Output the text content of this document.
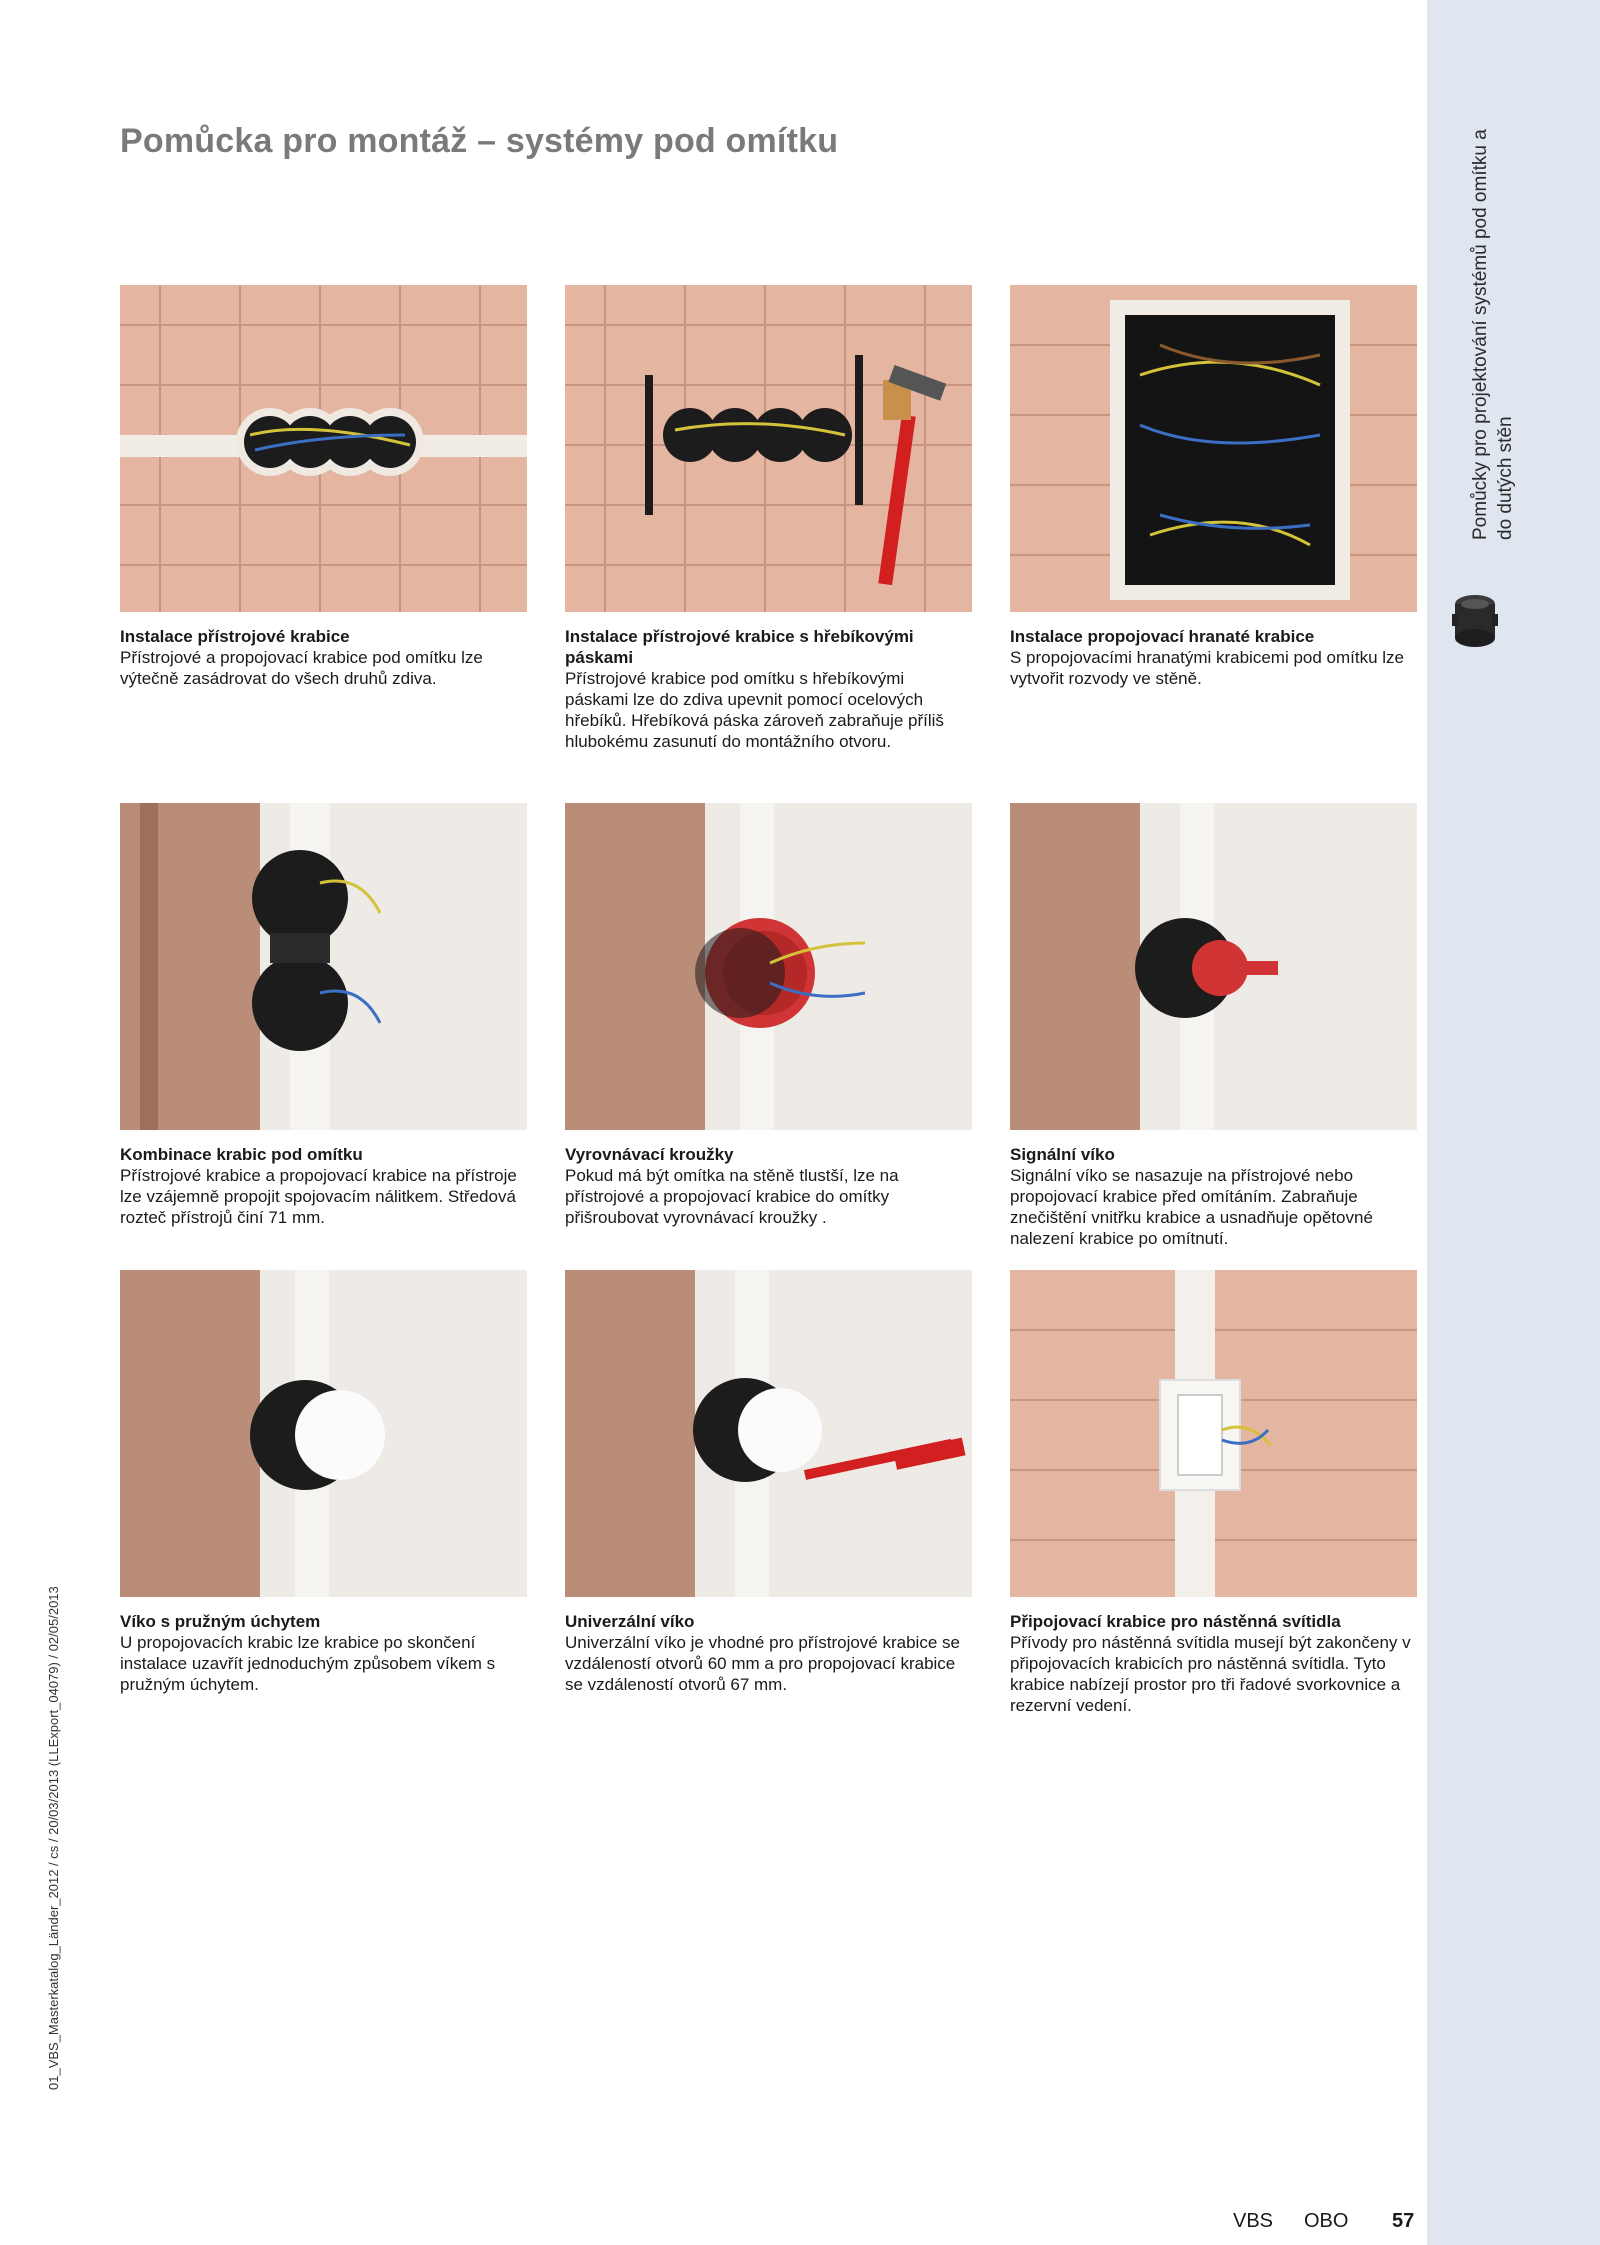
Pomůcky pro projektování systémů pod omítku a do dutých stěn
01_VBS_Masterkatalog_Länder_2012 / cs / 20/03/2013 (LLExport_04079) / 02/05/2013
Pomůcka pro montáž – systémy pod omítku
Instalace přístrojové krabice
Přístrojové a propojovací krabice pod omítku lze výtečně zasádrovat do všech druhů zdiva.
Instalace přístrojové krabice s hřebíkovými páskami
Přístrojové krabice pod omítku s hřebíkovými páskami lze do zdiva upevnit pomocí ocelových hřebíků. Hřebíková páska zároveň zabraňuje příliš hlubokému zasunutí do montážního otvoru.
Instalace propojovací hranaté krabice
S propojovacími hranatými krabicemi pod omítku lze vytvořit rozvody ve stěně.
Kombinace krabic pod omítku
Přístrojové krabice a propojovací krabice na přístroje lze vzájemně propojit spojovacím nálitkem. Středová rozteč přístrojů činí 71 mm.
Vyrovnávací kroužky
Pokud má být omítka na stěně tlustší, lze na přístrojové a propojovací krabice do omítky přišroubovat vyrovnávací kroužky .
Signální víko
Signální víko se nasazuje na přístrojové nebo propojovací krabice před omítáním. Zabraňuje znečištění vnitřku krabice a usnadňuje opětovné nalezení krabice po omítnutí.
Víko s pružným úchytem
U propojovacích krabic lze krabice po skončení instalace uzavřít jednoduchým způsobem víkem s pružným úchytem.
Univerzální víko
Univerzální víko je vhodné pro přístrojové krabice se vzdáleností otvorů 60 mm a pro propojovací krabice se vzdáleností otvorů 67 mm.
Připojovací krabice pro nástěnná svítidla
Přívody pro nástěnná svítidla musejí být zakončeny v připojovacích krabicích pro nástěnná svítidla. Tyto krabice nabízejí prostor pro tři řadové svorkovnice a rezervní vedení.
VBS OBO 57
